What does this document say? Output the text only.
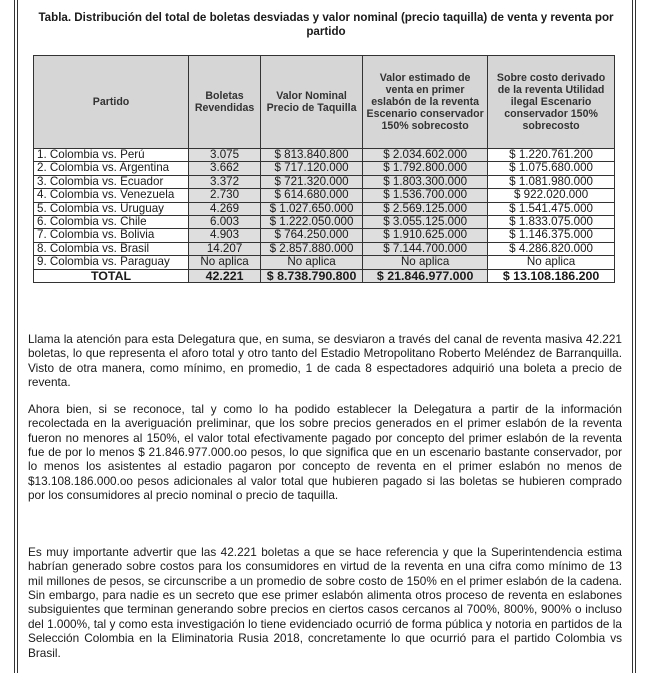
Tabla. Distribución del total de boletas desviadas y valor nominal (precio taquilla) de venta y reventa por partido
Partido	Boletas Revendidas	Valor Nominal Precio de Taquilla	Valor estimado de venta en primer eslabón de la reventa Escenario conservador 150% sobrecosto	Sobre costo derivado de la reventa Utilidad ilegal Escenario conservador 150% sobrecosto
1. Colombia vs. Perú	3.075	$ 813.840.800	$ 2.034.602.000	$ 1.220.761.200
2. Colombia vs. Argentina	3.662	$ 717.120.000	$ 1.792.800.000	$ 1.075.680.000
3. Colombia vs. Ecuador	3.372	$ 721.320.000	$ 1.803.300.000	$ 1.081.980.000
4. Colombia vs. Venezuela	2.730	$ 614.680.000	$ 1.536.700.000	$ 922.020.000
5. Colombia vs. Uruguay	4.269	$ 1.027.650.000	$ 2.569.125.000	$ 1.541.475.000
6. Colombia vs. Chile	6.003	$ 1.222.050.000	$ 3.055.125.000	$ 1.833.075.000
7. Colombia vs. Bolivia	4.903	$ 764.250.000	$ 1.910.625.000	$ 1.146.375.000
8. Colombia vs. Brasil	14.207	$ 2.857.880.000	$ 7.144.700.000	$ 4.286.820.000
9. Colombia vs. Paraguay	No aplica	No aplica	No aplica	No aplica
TOTAL	42.221	$ 8.738.790.800	$ 21.846.977.000	$ 13.108.186.200

Llama la atención para esta Delegatura que, en suma, se desviaron a través del canal de reventa masiva 42.221 boletas, lo que representa el aforo total y otro tanto del Estadio Metropolitano Roberto Meléndez de Barranquilla. Visto de otra manera, como mínimo, en promedio, 1 de cada 8 espectadores adquirió una boleta a precio de reventa.

Ahora bien, si se reconoce, tal y como lo ha podido establecer la Delegatura a partir de la información recolectada en la averiguación preliminar, que los sobre precios generados en el primer eslabón de la reventa fueron no menores al 150%, el valor total efectivamente pagado por concepto del primer eslabón de la reventa fue de por lo menos $ 21.846.977.000.oo pesos, lo que significa que en un escenario bastante conservador, por lo menos los asistentes al estadio pagaron por concepto de reventa en el primer eslabón no menos de $13.108.186.000.oo pesos adicionales al valor total que hubieren pagado si las boletas se hubieren comprado por los consumidores al precio nominal o precio de taquilla.

Es muy importante advertir que las 42.221 boletas a que se hace referencia y que la Superintendencia estima habrían generado sobre costos para los consumidores en virtud de la reventa en una cifra como mínimo de 13 mil millones de pesos, se circunscribe a un promedio de sobre costo de 150% en el primer eslabón de la cadena. Sin embargo, para nadie es un secreto que ese primer eslabón alimenta otros proceso de reventa en eslabones subsiguientes que terminan generando sobre precios en ciertos casos cercanos al 700%, 800%, 900% o incluso del 1.000%, tal y como esta investigación lo tiene evidenciado ocurrió de forma pública y notoria en partidos de la Selección Colombia en la Eliminatoria Rusia 2018, concretamente lo que ocurrió para el partido Colombia vs Brasil.
